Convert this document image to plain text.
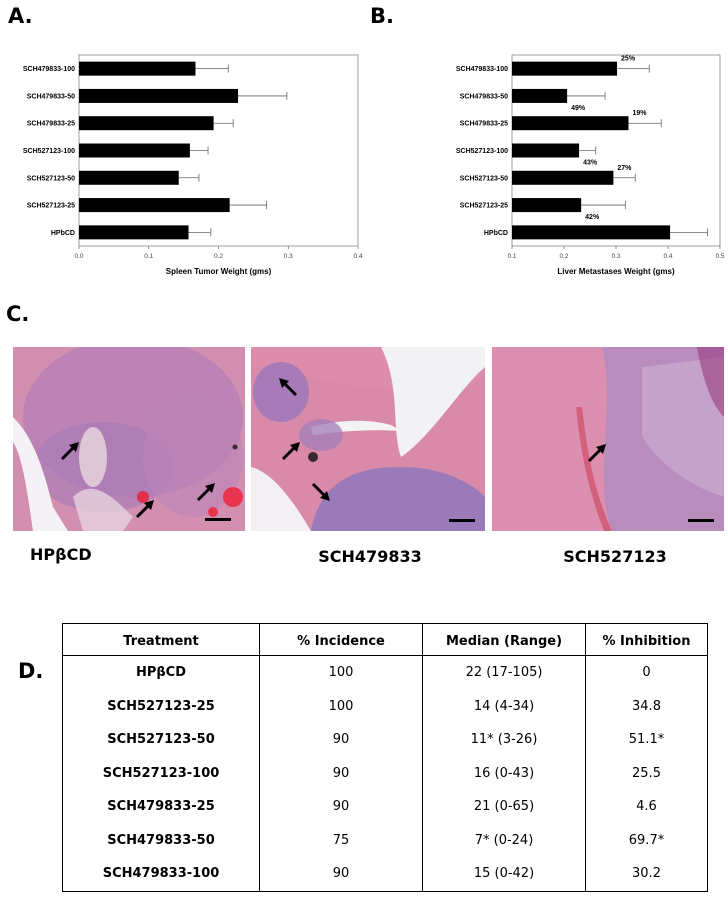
A.	B.
C.
D.
0.0	0.1	0.2	0.3	0.4
Spleen Tumor Weight (gms)
SCH479833-100
SCH479833-50
SCH479833-25
SCH527123-100
SCH527123-50
SCH527123-25
HPbCD
0.1	0.2	0.3	0.4	0.5
Liver Metastases Weight (gms)
SCH479833-100
25%
SCH479833-50
49%
SCH479833-25
19%
SCH527123-100
43%
SCH527123-50
27%
SCH527123-25
42%
HPbCD
HPβCD	SCH479833	SCH527123
Treatment	% Incidence	Median (Range)	% Inhibition
HPβCD	100	22 (17-105)	0
SCH527123-25	100	14 (4-34)	34.8
SCH527123-50	90	11* (3-26)	51.1*
SCH527123-100	90	16 (0-43)	25.5
SCH479833-25	90	21 (0-65)	4.6
SCH479833-50	75	7* (0-24)	69.7*
SCH479833-100	90	15 (0-42)	30.2
